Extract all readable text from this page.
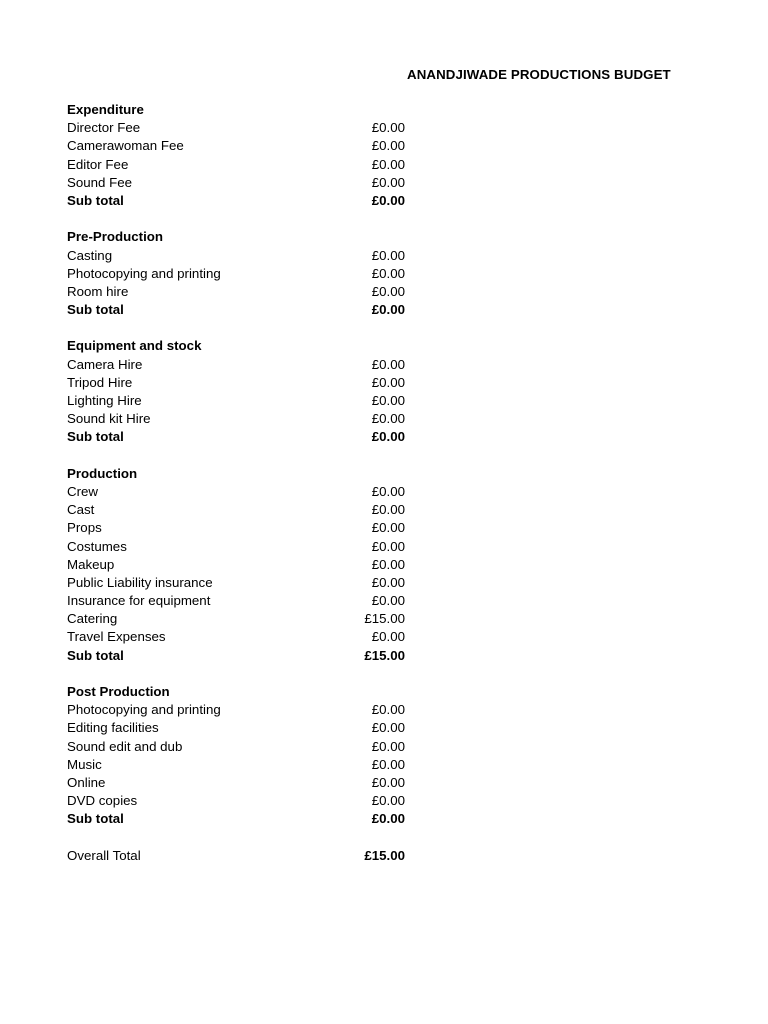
ANANDJIWADE PRODUCTIONS BUDGET
Expenditure
Director Fee	£0.00
Camerawoman Fee	£0.00
Editor Fee	£0.00
Sound Fee	£0.00
Sub total	£0.00
Pre-Production
Casting	£0.00
Photocopying and printing	£0.00
Room hire	£0.00
Sub total	£0.00
Equipment and stock
Camera Hire	£0.00
Tripod Hire	£0.00
Lighting Hire	£0.00
Sound kit Hire	£0.00
Sub total	£0.00
Production
Crew	£0.00
Cast	£0.00
Props	£0.00
Costumes	£0.00
Makeup	£0.00
Public Liability insurance	£0.00
Insurance for equipment	£0.00
Catering	£15.00
Travel Expenses	£0.00
Sub total	£15.00
Post Production
Photocopying and printing	£0.00
Editing facilities	£0.00
Sound edit and dub	£0.00
Music	£0.00
Online	£0.00
DVD copies	£0.00
Sub total	£0.00
Overall Total	£15.00
